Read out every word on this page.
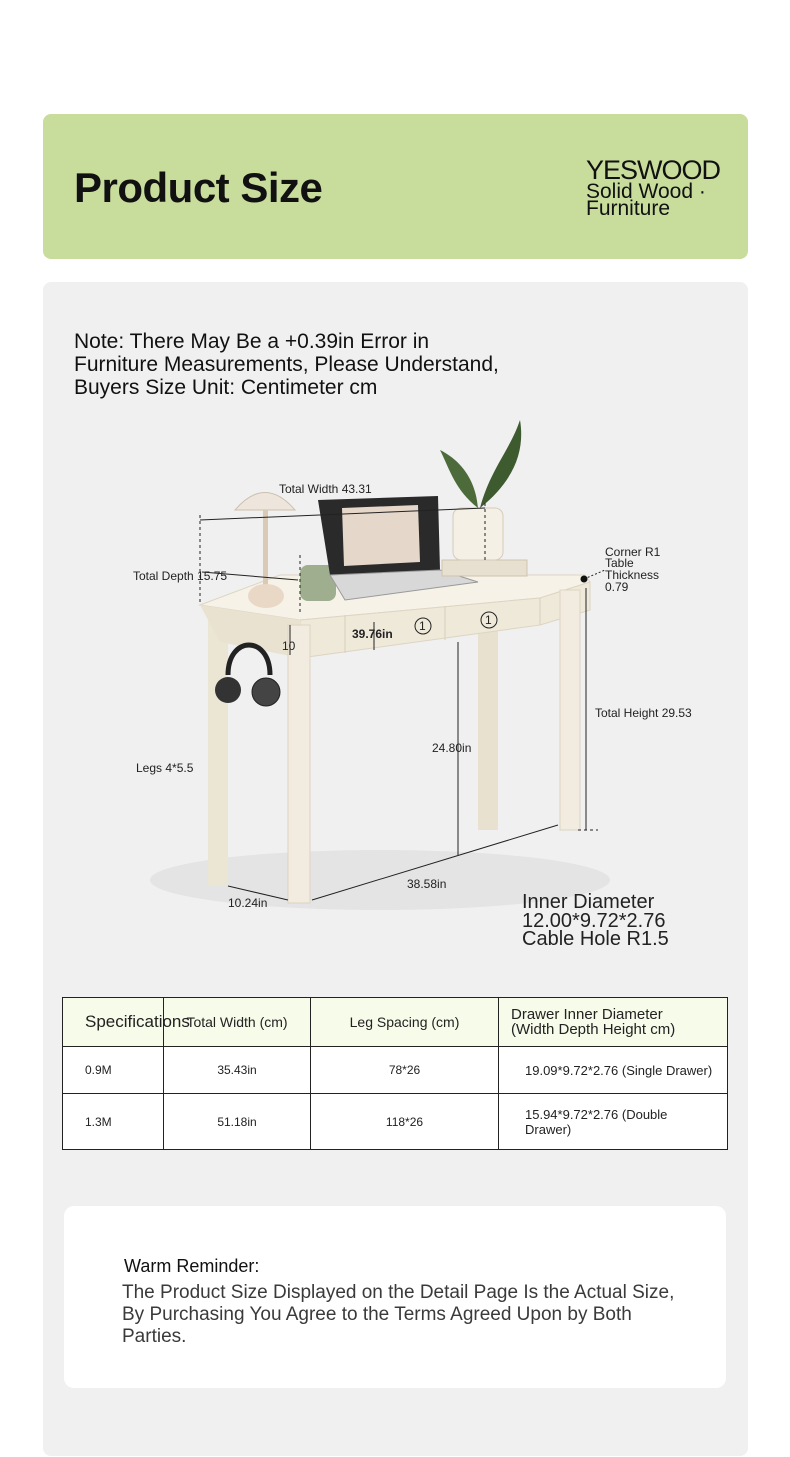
Product Size	YESWOOD
Solid Wood ·
Furniture
Note: There May Be a +0.39in Error in
Furniture Measurements, Please Understand,
Buyers Size Unit: Centimeter cm
Total Width 43.31
Total Depth 15.75
Corner R1
Table
Thickness
0.79
10
39.76in
1	1
Total Height 29.53
24.80in
Legs 4*5.5
38.58in
10.24in	Inner Diameter
12.00*9.72*2.76
Cable Hole R1.5
Specifications	Total Width (cm)	Leg Spacing (cm)	Drawer Inner Diameter
(Width Depth Height cm)

0.9M	35.43in	78*26	19.09*9.72*2.76 (Single Drawer)
1.3M	51.18in	118*26	15.94*9.72*2.76 (Double Drawer)
Warm Reminder:
The Product Size Displayed on the Detail Page Is the Actual Size, By Purchasing You Agree to the Terms Agreed Upon by Both Parties.
